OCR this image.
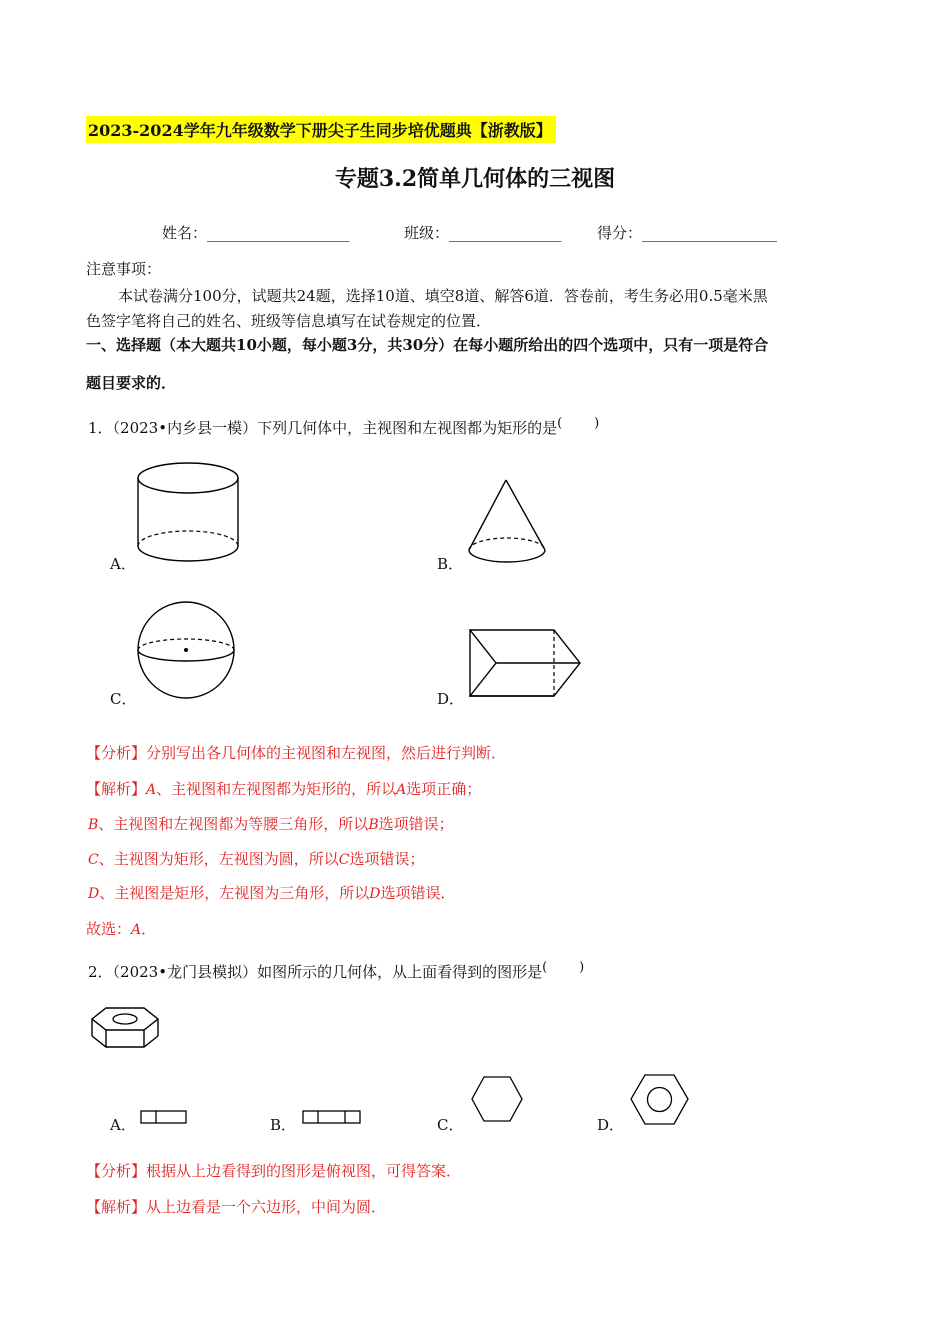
2023-2024学年九年级数学下册尖子生同步培优题典【浙教版】
专题3.2简单几何体的三视图
姓名：___________________	班级：_______________ 得分：__________________
注意事项：
本试卷满分100分，试题共24题，选择10道、填空8道、解答6道．答卷前，考生务必用0.5毫米黑
色签字笔将自己的姓名、班级等信息填写在试卷规定的位置．
一、选择题（本大题共10小题，每小题3分，共30分）在每小题所给出的四个选项中，只有一项是符合
题目要求的．
1．（2023•内乡县一模）下列几何体中，主视图和左视图都为矩形的是(　　)
A．	B．
C．	D．
【分析】分别写出各几何体的主视图和左视图，然后进行判断．
【解析】A、主视图和左视图都为矩形的，所以A选项正确；
B、主视图和左视图都为等腰三角形，所以B选项错误；
C、主视图为矩形，左视图为圆，所以C选项错误；
D、主视图是矩形，左视图为三角形，所以D选项错误．
故选：A．
2．（2023•龙门县模拟）如图所示的几何体，从上面看得到的图形是(　　)
A．	B．	C．	D．
【分析】根据从上边看得到的图形是俯视图，可得答案．
【解析】从上边看是一个六边形，中间为圆．
